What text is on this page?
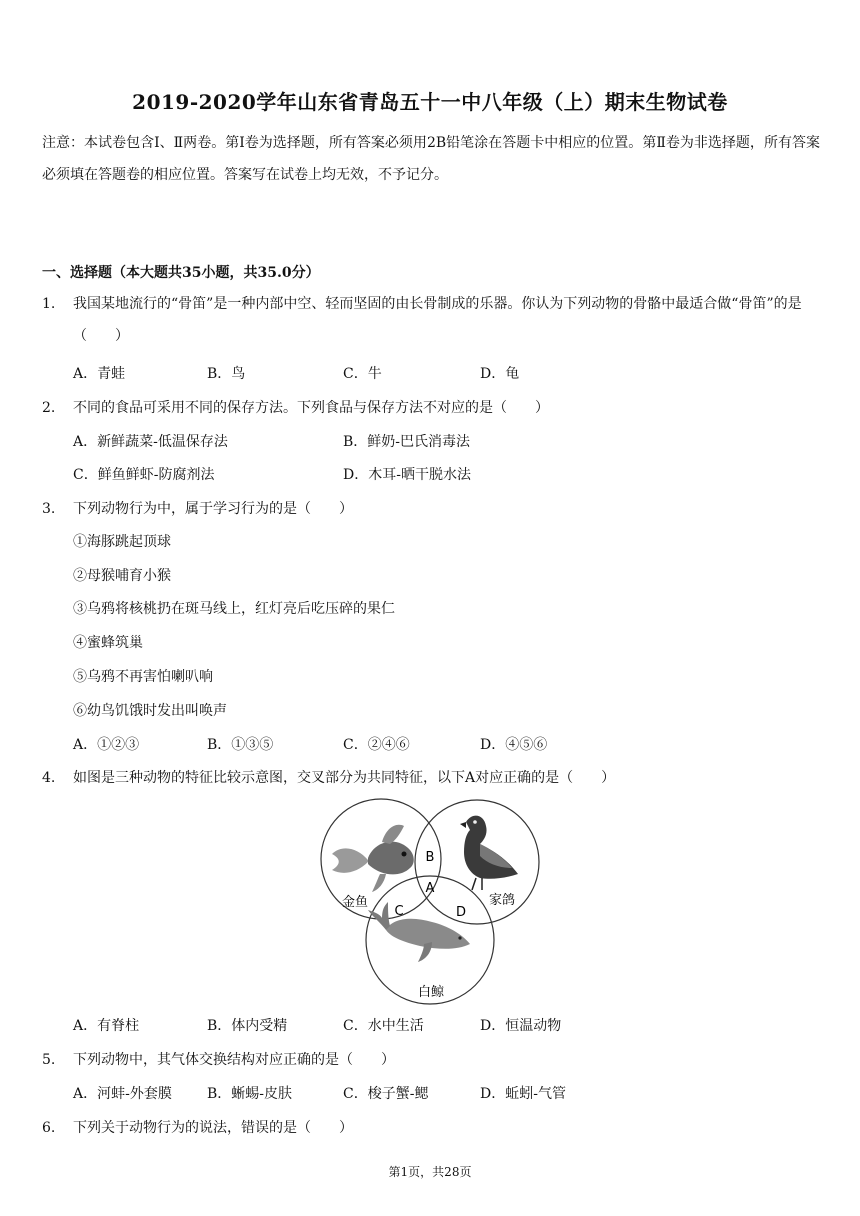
2019-2020学年山东省青岛五十一中八年级（上）期末生物试卷
注意：本试卷包含Ⅰ、Ⅱ两卷。第Ⅰ卷为选择题，所有答案必须用2B铅笔涂在答题卡中相应的位置。第Ⅱ卷为非选择题，所有答案必须填在答题卷的相应位置。答案写在试卷上均无效，不予记分。
一、选择题（本大题共35小题，共35.0分）
1. 我国某地流行的“骨笛”是一种内部中空、轻而坚固的由长骨制成的乐器。你认为下列动物的骨骼中最适合做“骨笛”的是（　　）
A．青蛙	B．鸟	C．牛	D．龟
2. 不同的食品可采用不同的保存方法。下列食品与保存方法不对应的是（　　）
A．新鲜蔬菜-低温保存法	B．鲜奶-巴氏消毒法
C．鲜鱼鲜虾-防腐剂法	D．木耳-晒干脱水法
3. 下列动物行为中，属于学习行为的是（　　）
①海豚跳起顶球
②母猴哺育小猴
③乌鸦将核桃扔在斑马线上，红灯亮后吃压碎的果仁
④蜜蜂筑巢
⑤乌鸦不再害怕喇叭响
⑥幼鸟饥饿时发出叫唤声
A．①②③	B．①③⑤	C．②④⑥	D．④⑤⑥
4. 如图是三种动物的特征比较示意图，交叉部分为共同特征，以下A对应正确的是（　　）
B
A
C	D
金鱼	家鸽
白鲸
A．有脊柱	B．体内受精	C．水中生活	D．恒温动物
5. 下列动物中，其气体交换结构对应正确的是（　　）
A．河蚌-外套膜	B．蜥蜴-皮肤	C．梭子蟹-鳃	D．蚯蚓-气管
6. 下列关于动物行为的说法，错误的是（　　）
第1页，共28页
